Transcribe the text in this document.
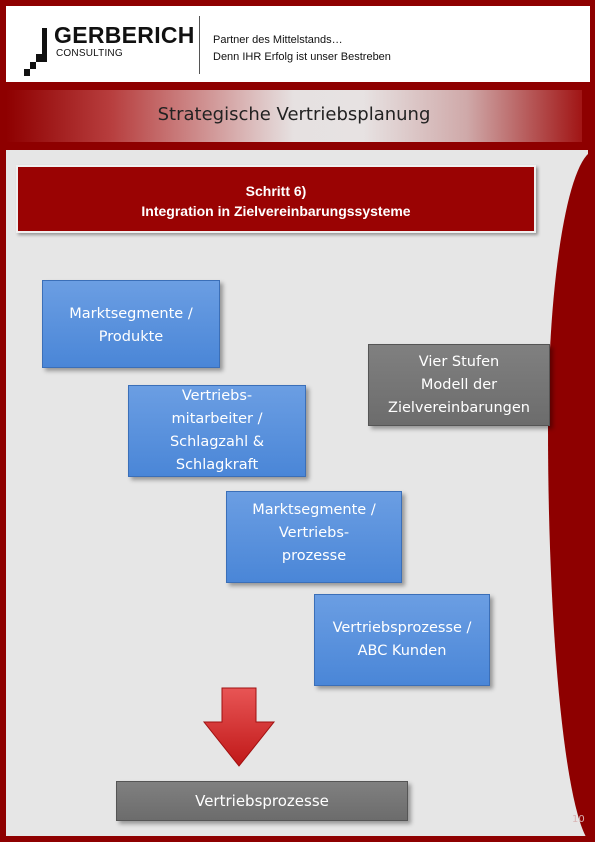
GERBERICH
CONSULTING
Partner des Mittelstands…
Denn IHR Erfolg ist unser Bestreben
Strategische Vertriebsplanung
Schritt 6)
Integration in Zielvereinbarungssysteme
Marktsegmente /
Produkte
Vertriebs-
mitarbeiter /
Schlagzahl &
Schlagkraft
Vier Stufen
Modell der
Zielvereinbarungen
Marktsegmente /
Vertriebs-
prozesse
Vertriebsprozesse /
ABC Kunden
Vertriebsprozesse
10
